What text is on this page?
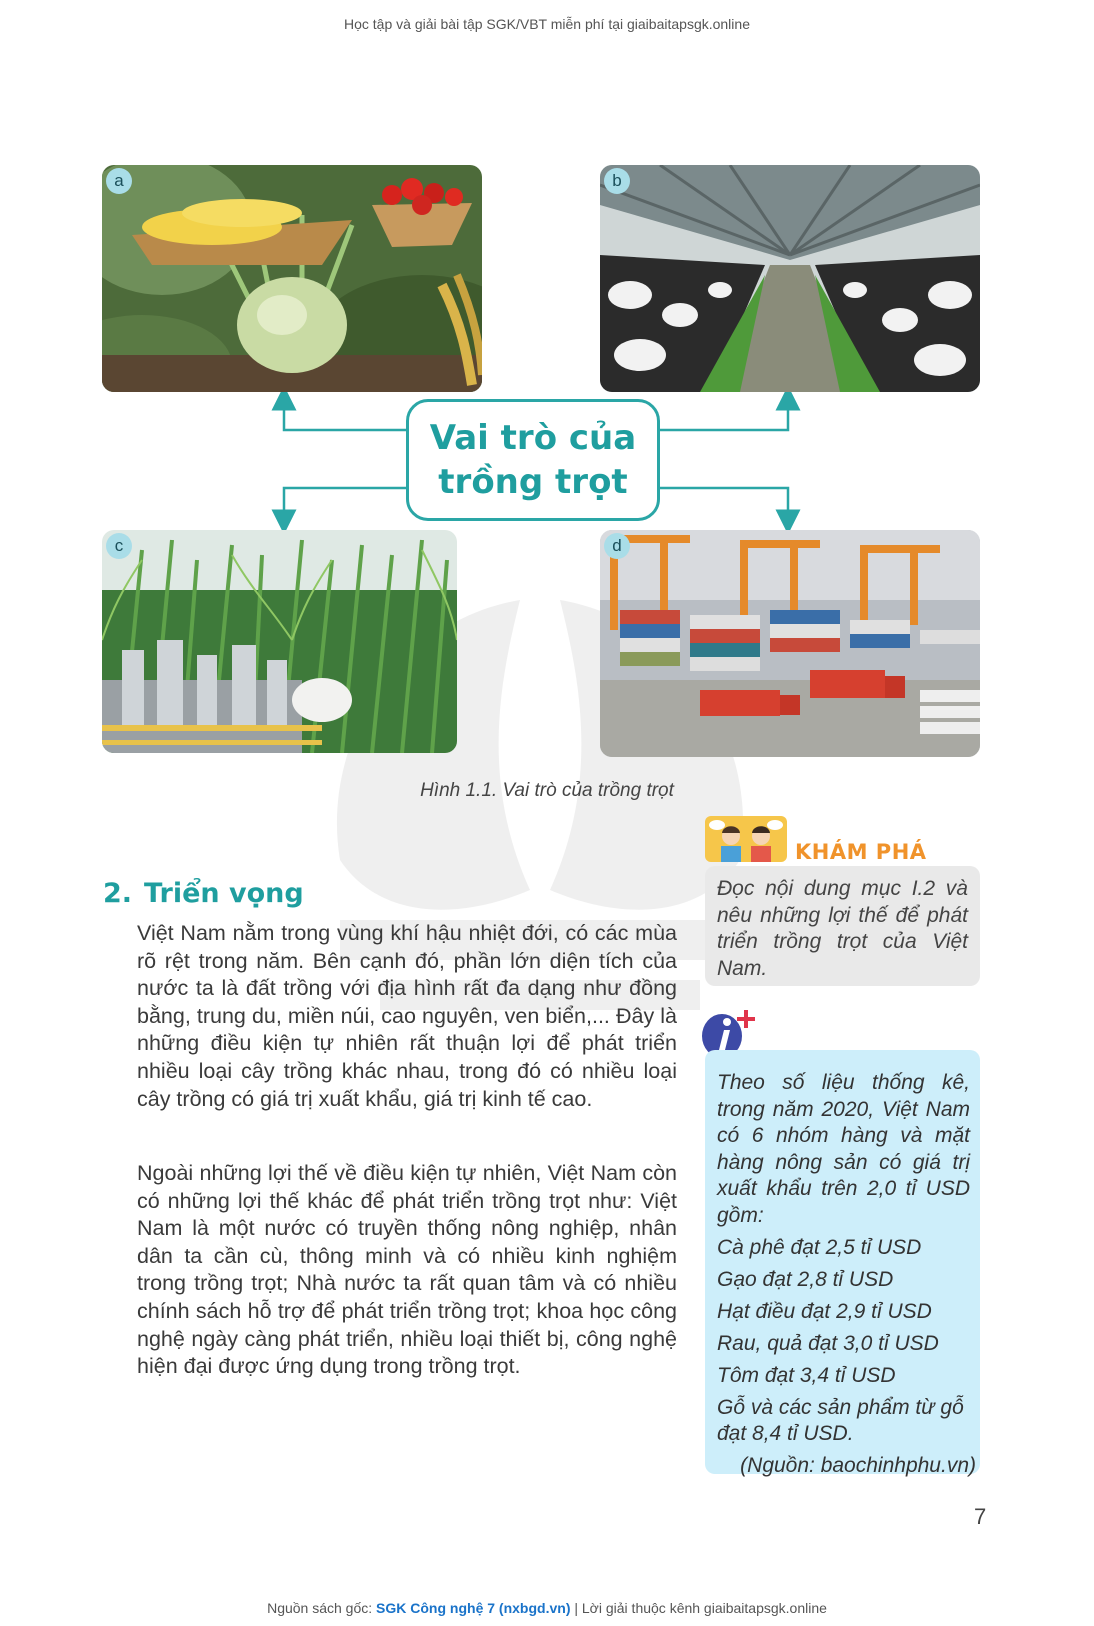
Học tập và giải bài tập SGK/VBT miễn phí tại giaibaitapsgk.online
a	b
c	d
Vai trò của trồng trọt
Hình 1.1. Vai trò của trồng trọt
2. Triển vọng
Việt Nam nằm trong vùng khí hậu nhiệt đới, có các mùa rõ rệt trong năm. Bên cạnh đó, phần lớn diện tích của nước ta là đất trồng với địa hình rất đa dạng như đồng bằng, trung du, miền núi, cao nguyên, ven biển,... Đây là những điều kiện tự nhiên rất thuận lợi để phát triển nhiều loại cây trồng khác nhau, trong đó có nhiều loại cây trồng có giá trị xuất khẩu, giá trị kinh tế cao.
Ngoài những lợi thế về điều kiện tự nhiên, Việt Nam còn có những lợi thế khác để phát triển trồng trọt như: Việt Nam là một nước có truyền thống nông nghiệp, nhân dân ta cần cù, thông minh và có nhiều kinh nghiệm trong trồng trọt; Nhà nước ta rất quan tâm và có nhiều chính sách hỗ trợ để phát triển trồng trọt; khoa học công nghệ ngày càng phát triển, nhiều loại thiết bị, công nghệ hiện đại được ứng dụng trong trồng trọt.
KHÁM PHÁ
Đọc nội dung mục I.2 và nêu những lợi thế để phát triển trồng trọt của Việt Nam.
Theo số liệu thống kê, trong năm 2020, Việt Nam có 6 nhóm hàng và mặt hàng nông sản có giá trị xuất khẩu trên 2,0 tỉ USD gồm:
Cà phê đạt 2,5 tỉ USD
Gạo đạt 2,8 tỉ USD
Hạt điều đạt 2,9 tỉ USD
Rau, quả đạt 3,0 tỉ USD
Tôm đạt 3,4 tỉ USD
Gỗ và các sản phẩm từ gỗ đạt 8,4 tỉ USD.
(Nguồn: baochinhphu.vn)
7
Nguồn sách gốc: SGK Công nghệ 7 (nxbgd.vn) | Lời giải thuộc kênh giaibaitapsgk.online
